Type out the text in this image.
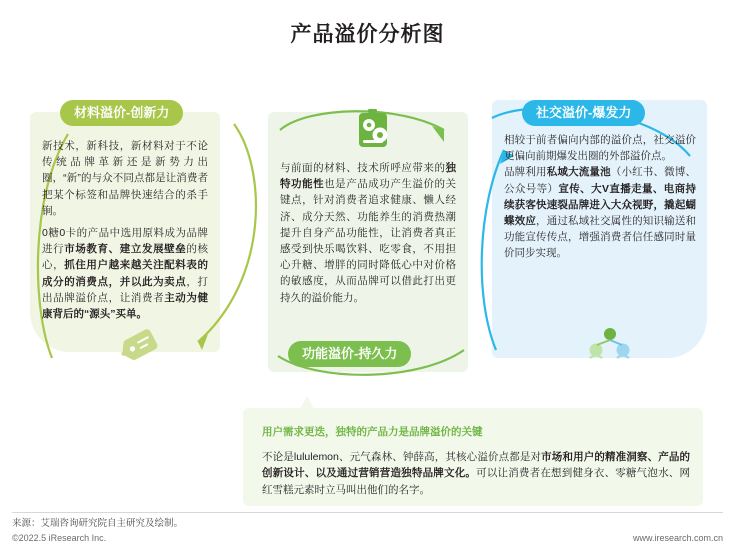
产品溢价分析图
材料溢价-创新力
新技术，新科技，新材料对于不论传统品牌革新还是新势力出圈，“新”的与众不同点都是让消费者把某个标签和品牌快速结合的杀手锏。
0糖0卡的产品中选用原料成为品牌进行市场教育、建立发展壁垒的核心，抓住用户越来越关注配料表的成分的消费点，并以此为卖点，打出品牌溢价点，让消费者主动为健康背后的“源头”买单。
与前面的材料、技术所呼应带来的独特功能性也是产品成功产生溢价的关键点，针对消费者追求健康、懒人经济、成分天然、功能养生的消费热潮提升自身产品功能性，让消费者真正感受到快乐喝饮料、吃零食，不用担心升糖、增胖的同时降低心中对价格的敏感度，从而品牌可以借此打出更持久的溢价能力。
功能溢价-持久力
社交溢价-爆发力
相较于前者偏向内部的溢价点，社交溢价更偏向前期爆发出圈的外部溢价点。
品牌利用私域大流量池（小红书、微博、公众号等）宣传、大V直播走量、电商持续获客快速裂品牌进入大众视野，撬起蝴蝶效应，通过私域社交属性的知识输送和功能宣传传点，增强消费者信任感同时量价同步实现。
用户需求更迭，独特的产品力是品牌溢价的关键
不论是lululemon、元气森林、钟薛高，其核心溢价点都是对市场和用户的精准洞察、产品的创新设计、以及通过营销营造独特品牌文化。可以让消费者在想到健身衣、零糖气泡水、网红雪糕元素时立马叫出他们的名字。
来源：艾瑞咨询研究院自主研究及绘制。
©2022.5 iResearch Inc.	www.iresearch.com.cn
